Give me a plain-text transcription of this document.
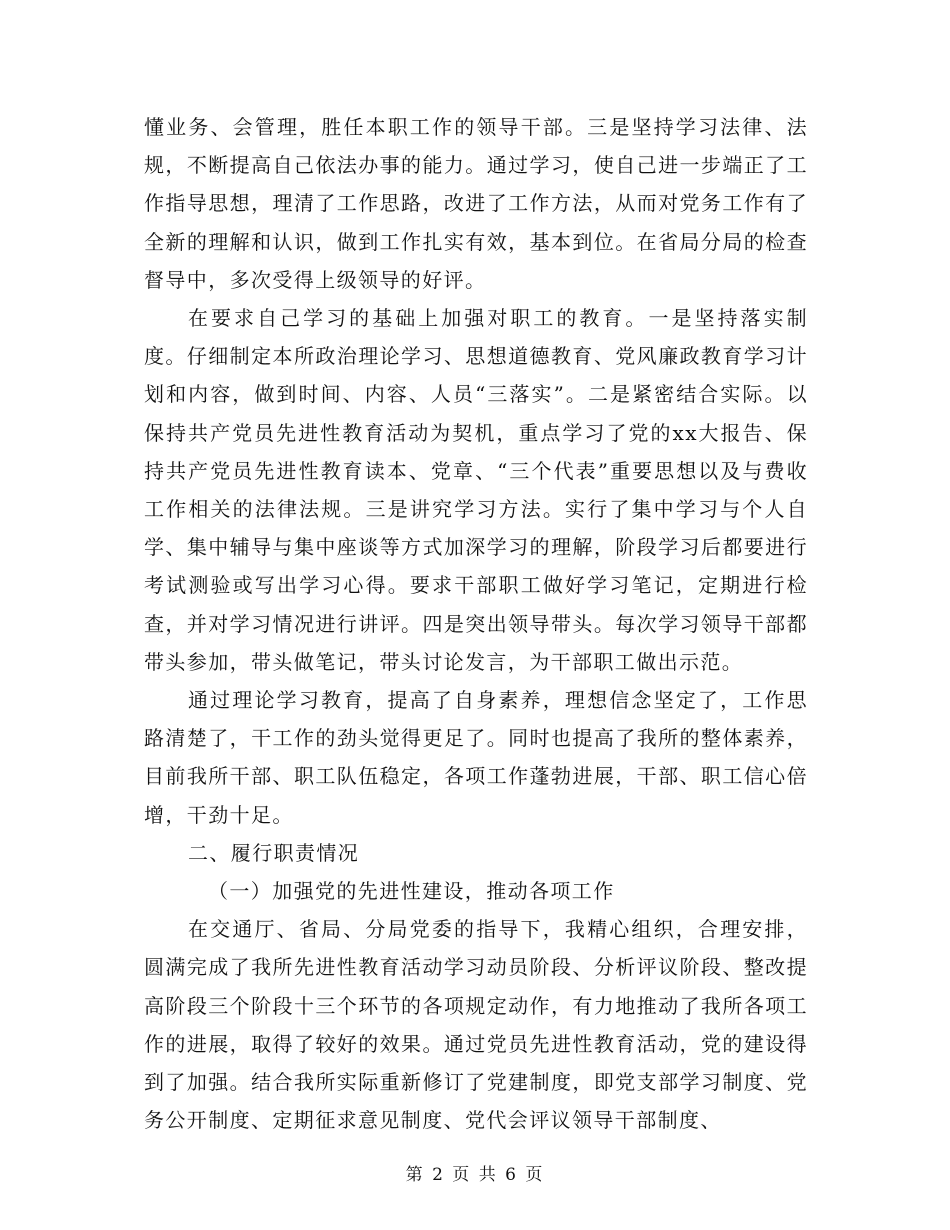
懂业务、会管理，胜任本职工作的领导干部。三是坚持学习法律、法规，不断提高自己依法办事的能力。通过学习，使自己进一步端正了工作指导思想，理清了工作思路，改进了工作方法，从而对党务工作有了全新的理解和认识，做到工作扎实有效，基本到位。在省局分局的检查督导中，多次受得上级领导的好评。

在要求自己学习的基础上加强对职工的教育。一是坚持落实制度。仔细制定本所政治理论学习、思想道德教育、党风廉政教育学习计划和内容，做到时间、内容、人员“三落实”。二是紧密结合实际。以保持共产党员先进性教育活动为契机，重点学习了党的xx大报告、保持共产党员先进性教育读本、党章、“三个代表”重要思想以及与费收工作相关的法律法规。三是讲究学习方法。实行了集中学习与个人自学、集中辅导与集中座谈等方式加深学习的理解，阶段学习后都要进行考试测验或写出学习心得。要求干部职工做好学习笔记，定期进行检查，并对学习情况进行讲评。四是突出领导带头。每次学习领导干部都带头参加，带头做笔记，带头讨论发言，为干部职工做出示范。

通过理论学习教育，提高了自身素养，理想信念坚定了，工作思路清楚了，干工作的劲头觉得更足了。同时也提高了我所的整体素养，目前我所干部、职工队伍稳定，各项工作蓬勃进展，干部、职工信心倍增，干劲十足。

二、履行职责情况

（一）加强党的先进性建设，推动各项工作

在交通厅、省局、分局党委的指导下，我精心组织，合理安排，圆满完成了我所先进性教育活动学习动员阶段、分析评议阶段、整改提高阶段三个阶段十三个环节的各项规定动作，有力地推动了我所各项工作的进展，取得了较好的效果。通过党员先进性教育活动，党的建设得到了加强。结合我所实际重新修订了党建制度，即党支部学习制度、党务公开制度、定期征求意见制度、党代会评议领导干部制度、

第 2 页 共 6 页
